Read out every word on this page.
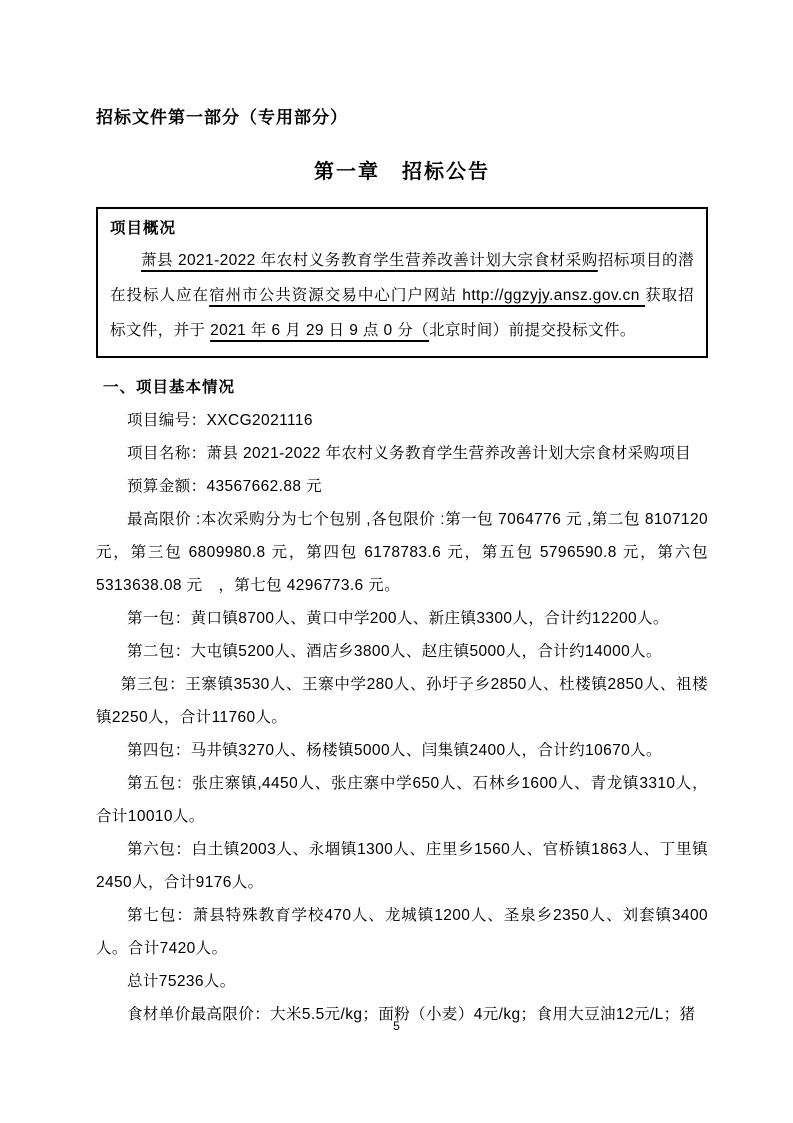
招标文件第一部分（专用部分）
第一章　招标公告
项目概况

萧县 2021-2022 年农村义务教育学生营养改善计划大宗食材采购招标项目的潜在投标人应在宿州市公共资源交易中心门户网站 http://ggzyjy.ansz.gov.cn 获取招标文件，并于 2021 年 6 月 29 日 9 点 0 分（北京时间）前提交投标文件。

一、项目基本情况

项目编号：XXCG2021116

项目名称：萧县 2021-2022 年农村义务教育学生营养改善计划大宗食材采购项目

预算金额：43567662.88 元

最高限价 :本次采购分为七个包别 ,各包限价 :第一包 7064776 元 ,第二包 8107120 元，第三包 6809980.8 元，第四包 6178783.6 元，第五包 5796590.8 元，第六包 5313638.08 元　，第七包 4296773.6 元。

第一包：黄口镇8700人、黄口中学200人、新庄镇3300人，合计约12200人。

第二包：大屯镇5200人、酒店乡3800人、赵庄镇5000人，合计约14000人。

第三包：王寨镇3530人、王寨中学280人、孙圩子乡2850人、杜楼镇2850人、祖楼镇2250人，合计11760人。

第四包：马井镇3270人、杨楼镇5000人、闫集镇2400人，合计约10670人。

第五包：张庄寨镇,4450人、张庄寨中学650人、石林乡1600人、青龙镇3310人，合计10010人。

第六包：白土镇2003人、永堌镇1300人、庄里乡1560人、官桥镇1863人、丁里镇2450人，合计9176人。

第七包：萧县特殊教育学校470人、龙城镇1200人、圣泉乡2350人、刘套镇3400人。合计7420人。

总计75236人。

食材单价最高限价：大米5.5元/kg；面粉（小麦）4元/kg；食用大豆油12元/L；猪

5
